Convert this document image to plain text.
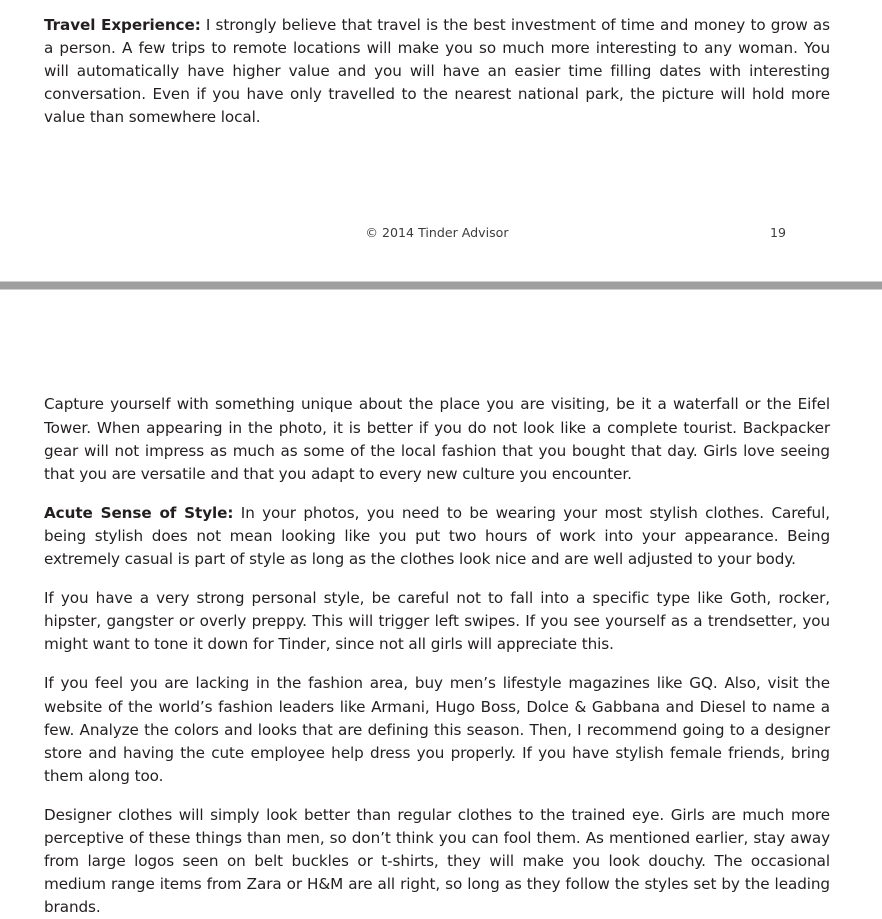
Travel Experience: I strongly believe that travel is the best investment of time and money to grow as a person. A few trips to remote locations will make you so much more interesting to any woman. You will automatically have higher value and you will have an easier time filling dates with interesting conversation. Even if you have only travelled to the nearest national park, the picture will hold more value than somewhere local.

© 2014 Tinder Advisor	19

Capture yourself with something unique about the place you are visiting, be it a waterfall or the Eifel Tower. When appearing in the photo, it is better if you do not look like a complete tourist. Backpacker gear will not impress as much as some of the local fashion that you bought that day. Girls love seeing that you are versatile and that you adapt to every new culture you encounter.

Acute Sense of Style: In your photos, you need to be wearing your most stylish clothes. Careful, being stylish does not mean looking like you put two hours of work into your appearance. Being extremely casual is part of style as long as the clothes look nice and are well adjusted to your body.

If you have a very strong personal style, be careful not to fall into a specific type like Goth, rocker, hipster, gangster or overly preppy. This will trigger left swipes. If you see yourself as a trendsetter, you might want to tone it down for Tinder, since not all girls will appreciate this.

If you feel you are lacking in the fashion area, buy men’s lifestyle magazines like GQ. Also, visit the website of the world’s fashion leaders like Armani, Hugo Boss, Dolce & Gabbana and Diesel to name a few. Analyze the colors and looks that are defining this season. Then, I recommend going to a designer store and having the cute employee help dress you properly. If you have stylish female friends, bring them along too.

Designer clothes will simply look better than regular clothes to the trained eye. Girls are much more perceptive of these things than men, so don’t think you can fool them. As mentioned earlier, stay away from large logos seen on belt buckles or t-shirts, they will make you look douchy. The occasional medium range items from Zara or H&M are all right, so long as they follow the styles set by the leading brands.
